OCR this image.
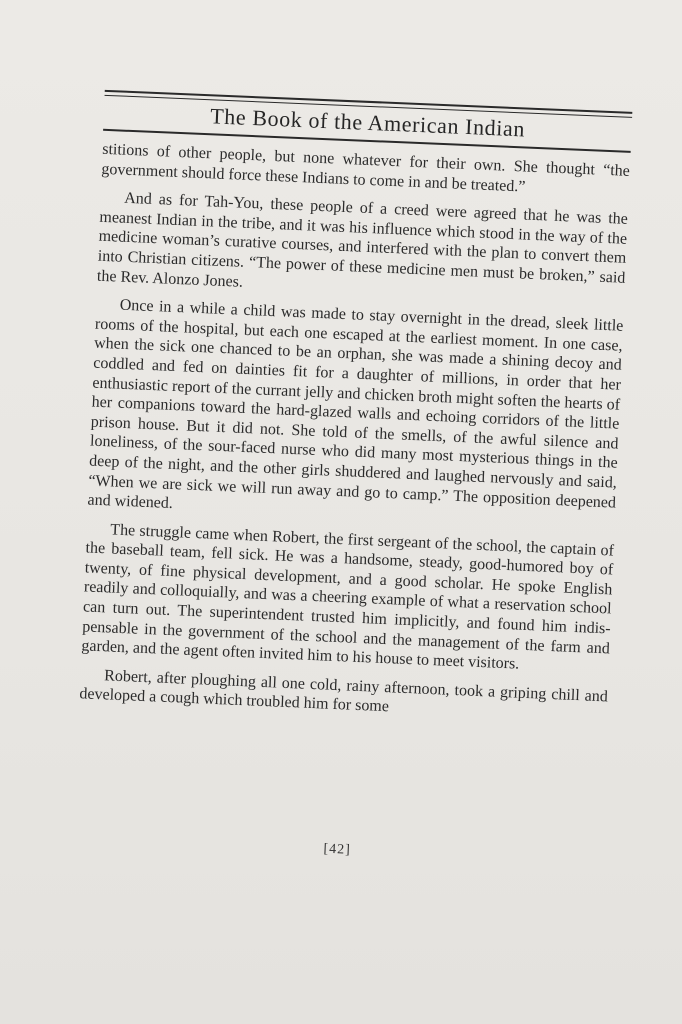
The Book of the American Indian

stitions of other people, but none whatever for their own. She thought “the government should force these Indians to come in and be treated.”

And as for Tah-You, these people of a creed were agreed that he was the meanest Indian in the tribe, and it was his influence which stood in the way of the medicine woman’s curative courses, and interfered with the plan to convert them into Christian citizens. “The power of these medicine men must be broken,” said the Rev. Alonzo Jones.

Once in a while a child was made to stay overnight in the dread, sleek little rooms of the hospital, but each one escaped at the earliest moment. In one case, when the sick one chanced to be an orphan, she was made a shining decoy and coddled and fed on dainties fit for a daughter of millions, in order that her enthusiastic report of the currant jelly and chicken broth might soften the hearts of her companions toward the hard-glazed walls and echoing corridors of the little prison house. But it did not. She told of the smells, of the awful silence and loneliness, of the sour-faced nurse who did many most mysterious things in the deep of the night, and the other girls shuddered and laughed nervously and said, “When we are sick we will run away and go to camp.” The opposition deepened and widened.

The struggle came when Robert, the first sergeant of the school, the captain of the baseball team, fell sick. He was a handsome, steady, good-humored boy of twenty, of fine physical development, and a good scholar. He spoke English readily and colloquially, and was a cheering example of what a reservation school can turn out. The superintendent trusted him implicitly, and found him indispensable in the government of the school and the management of the farm and garden, and the agent often invited him to his house to meet visitors.

Robert, after ploughing all one cold, rainy afternoon, took a griping chill and developed a cough which troubled him for some

[42]
